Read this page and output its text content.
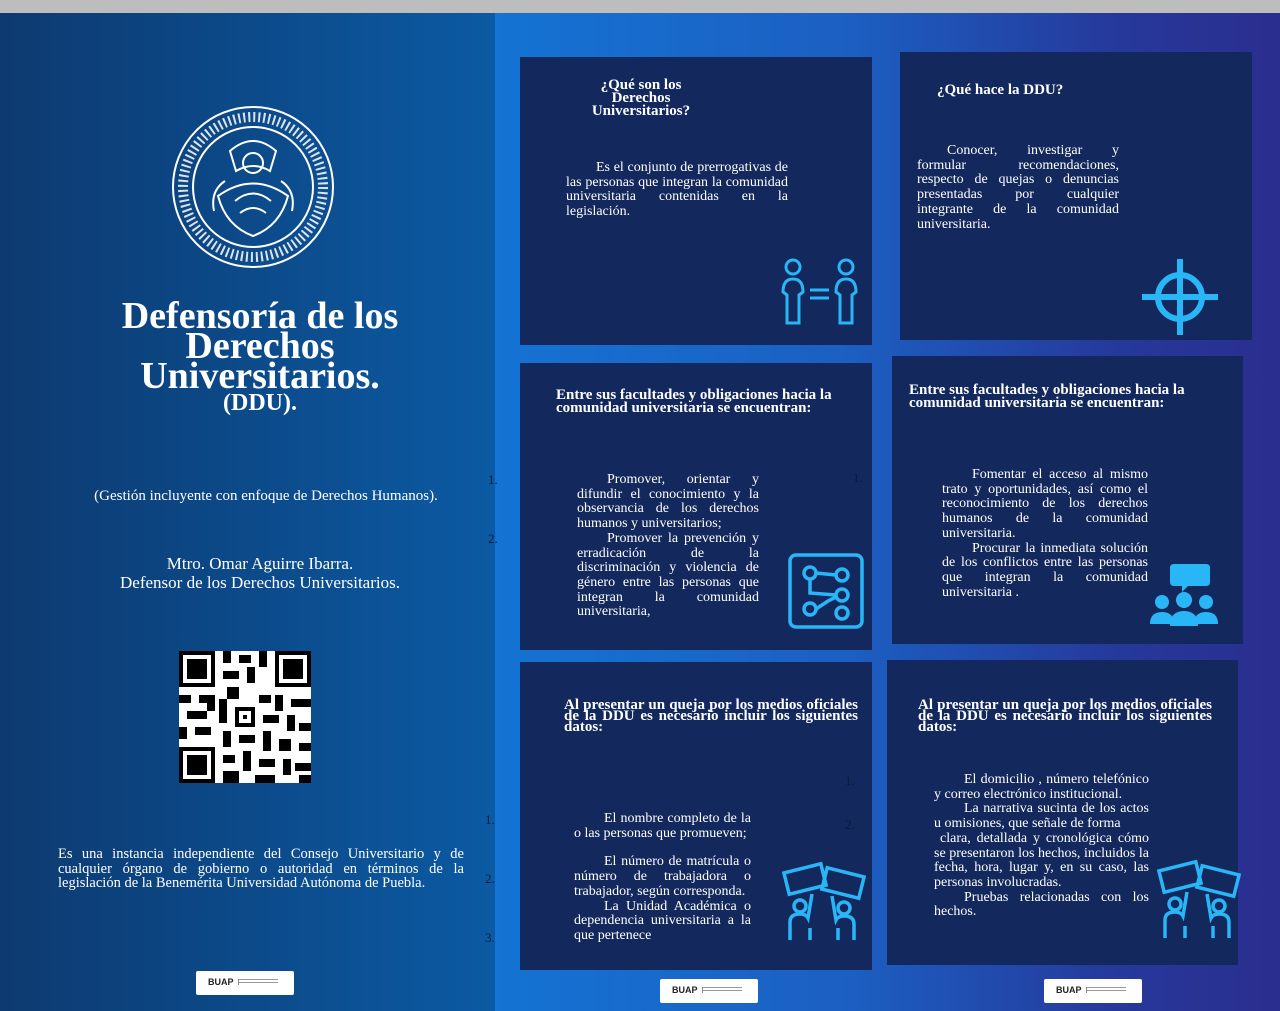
Defensoría de los
Derechos
Universitarios.
(DDU).
(Gestión incluyente con enfoque de Derechos Humanos).
Mtro. Omar Aguirre Ibarra.
Defensor de los Derechos Universitarios.
Es una instancia independiente del Consejo Universitario y de cualquier órgano de gobierno o autoridad en términos de la legislación de la Benemérita Universidad Autónoma de Puebla.
BUAP
¿Qué son los Derechos Universitarios?

Es el conjunto de prerrogativas de las personas que integran la comunidad universitaria contenidas en la legislación.

¿Qué hace la DDU?

Conocer, investigar y formular recomendaciones, respecto de quejas o denuncias presentadas por cualquier integrante de la comunidad universitaria.

Entre sus facultades y obligaciones hacia la comunidad universitaria se encuentran:

Promover, orientar y difundir el conocimiento y la observancia de los derechos humanos y universitarios;

Promover la prevención y erradicación de la discriminación y violencia de género entre las personas que integran la comunidad universitaria,

Entre sus facultades y obligaciones hacia la comunidad universitaria se encuentran:

Fomentar el acceso al mismo trato y oportunidades, así como el reconocimiento de los derechos humanos de la comunidad universitaria.

Procurar la inmediata solución de los conflictos entre las personas que integran la comunidad universitaria .

Al presentar un queja por los medios oficiales de la DDU es necesario incluir los siguientes datos:

El nombre completo de la o las personas que promueven;

El número de matrícula o número de trabajadora o trabajador, según corresponda.

La Unidad Académica o dependencia universitaria a la que pertenece

Al presentar un queja por los medios oficiales de la DDU es necesario incluir los siguientes datos:

El domicilio , número telefónico y correo electrónico institucional.

La narrativa sucinta de los actos u omisiones, que señale de forma

clara, detallada y cronológica cómo se presentaron los hechos, incluidos la fecha, hora, lugar y, en su caso, las personas involucradas.

Pruebas relacionadas con los hechos.

1.
2.
1.
1.
2.
3.
1.
2.
BUAP	BUAP
